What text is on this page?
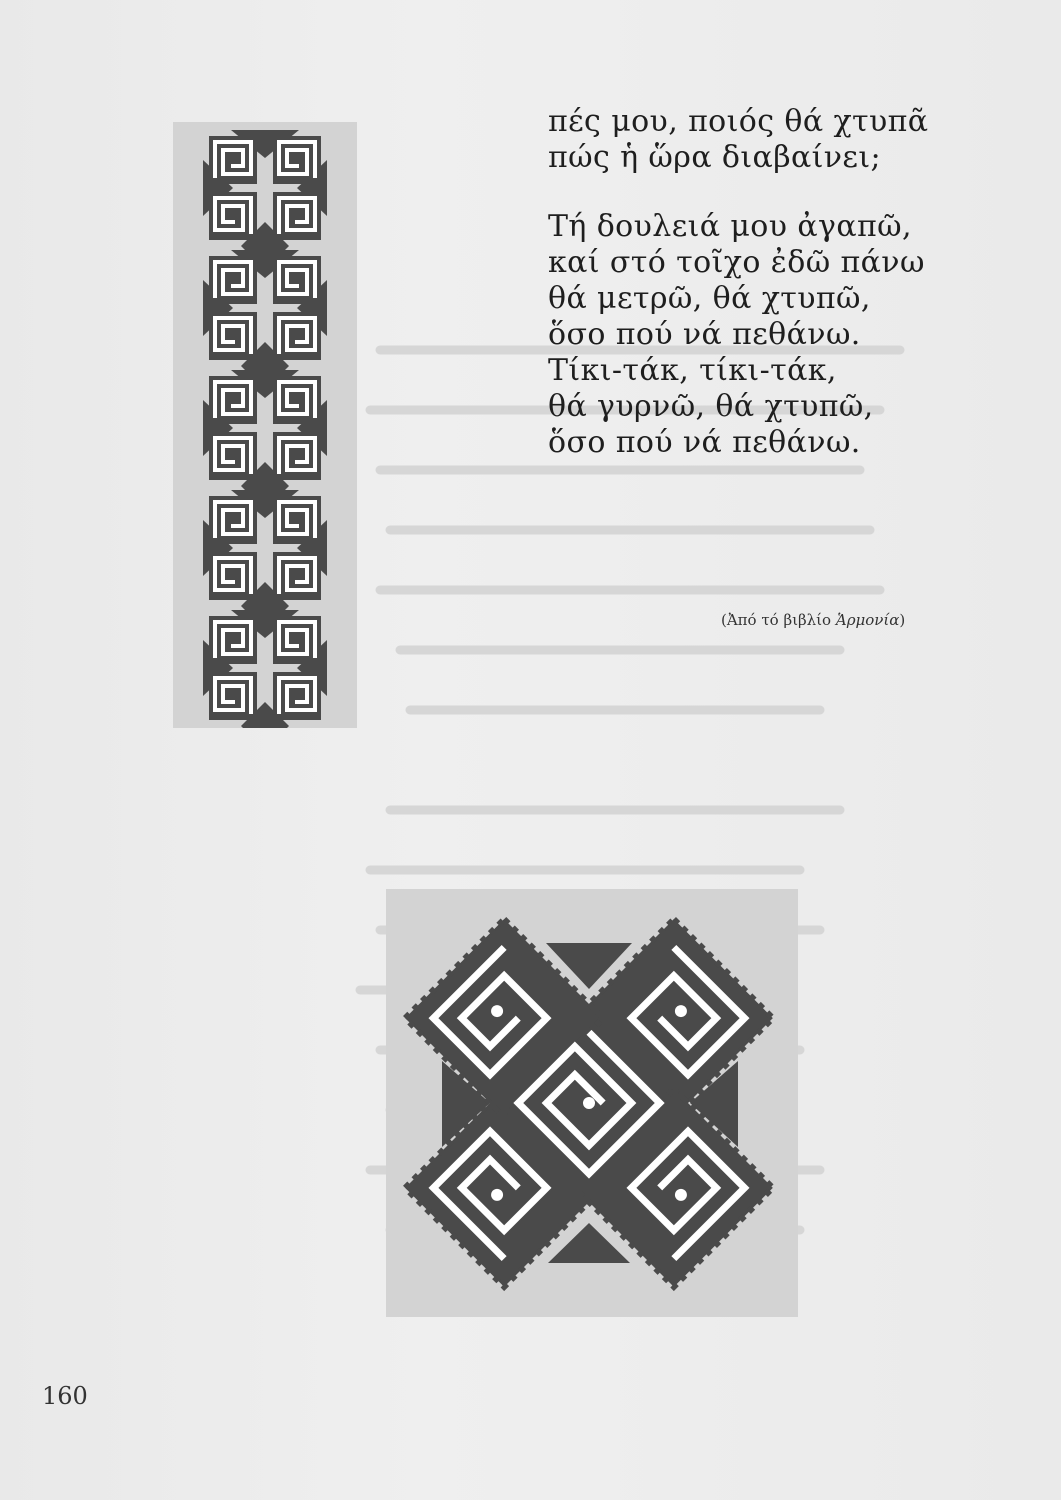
πές μου, ποιός θά χτυπᾶ
πώς ἡ ὥρα διαβαίνει;

Τή δουλειά μου ἀγαπῶ,
καί στό τοῖχο ἐδῶ πάνω
θά μετρῶ, θά χτυπῶ,
ὅσο πού νά πεθάνω.
Τίκι-τάκ, τίκι-τάκ,
θά γυρνῶ, θά χτυπῶ,
ὅσο πού νά πεθάνω.

(Ἀπό τό βιβλίο Ἁρμονία)
160
